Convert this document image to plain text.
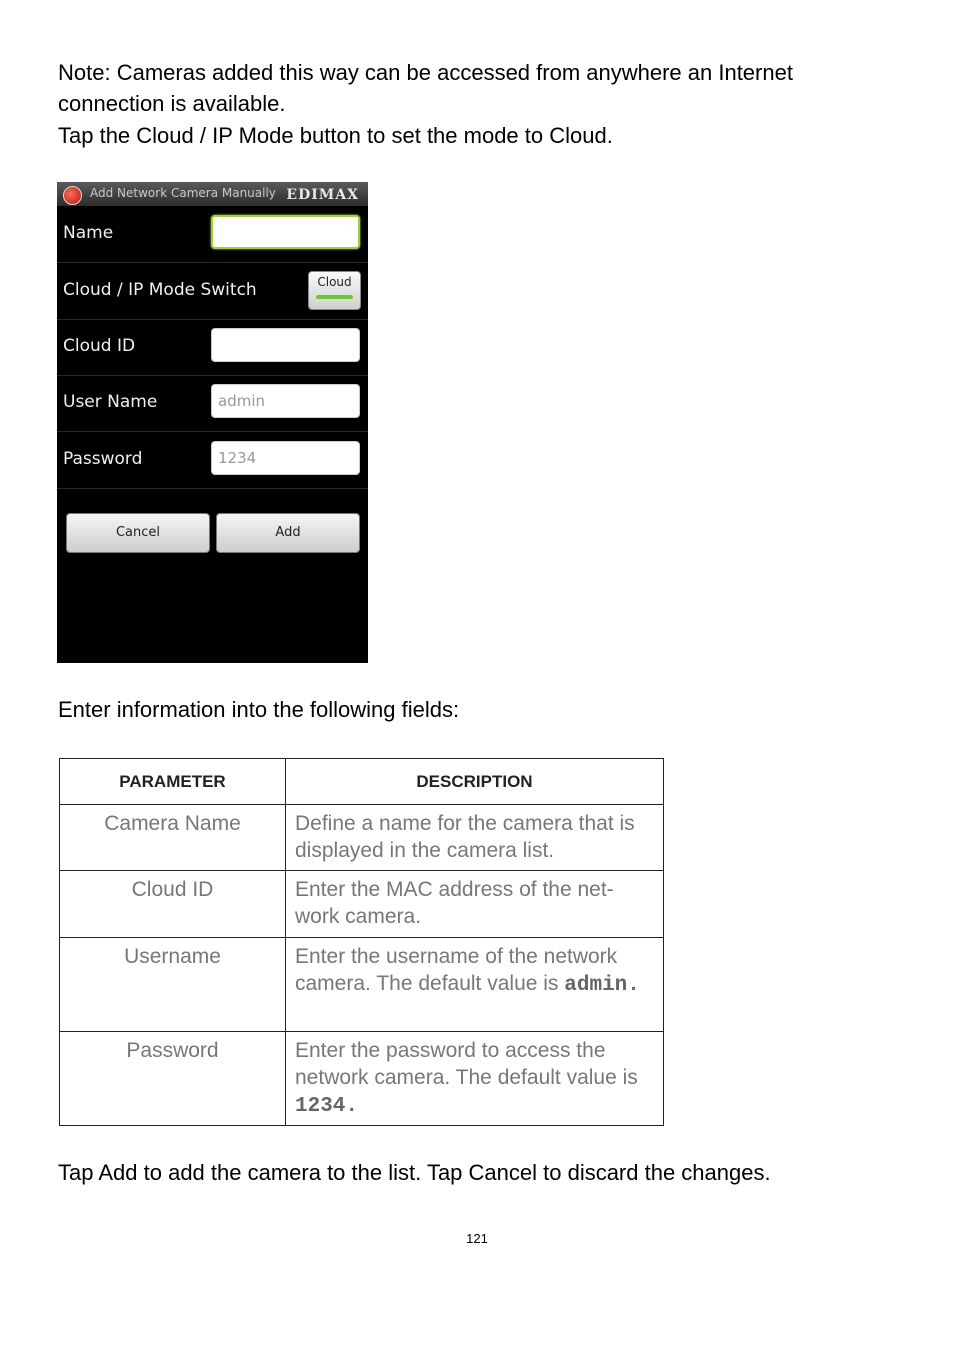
Note: Cameras added this way can be accessed from anywhere an Internet connection is available.

Tap the Cloud / IP Mode button to set the mode to Cloud.

Add Network Camera Manually EDIMAX
Name
Cloud / IP Mode Switch	Cloud
Cloud ID
User Name	admin
Password	1234
Cancel	Add

Enter information into the following fields:

PARAMETER	DESCRIPTION
Camera Name	Define a name for the camera that is displayed in the camera list.
Cloud ID	Enter the MAC address of the net-work camera.
Username	Enter the username of the network camera. The default value is admin.
Password	Enter the password to access the network camera. The default value is 1234.

Tap Add to add the camera to the list. Tap Cancel to discard the changes.

121
